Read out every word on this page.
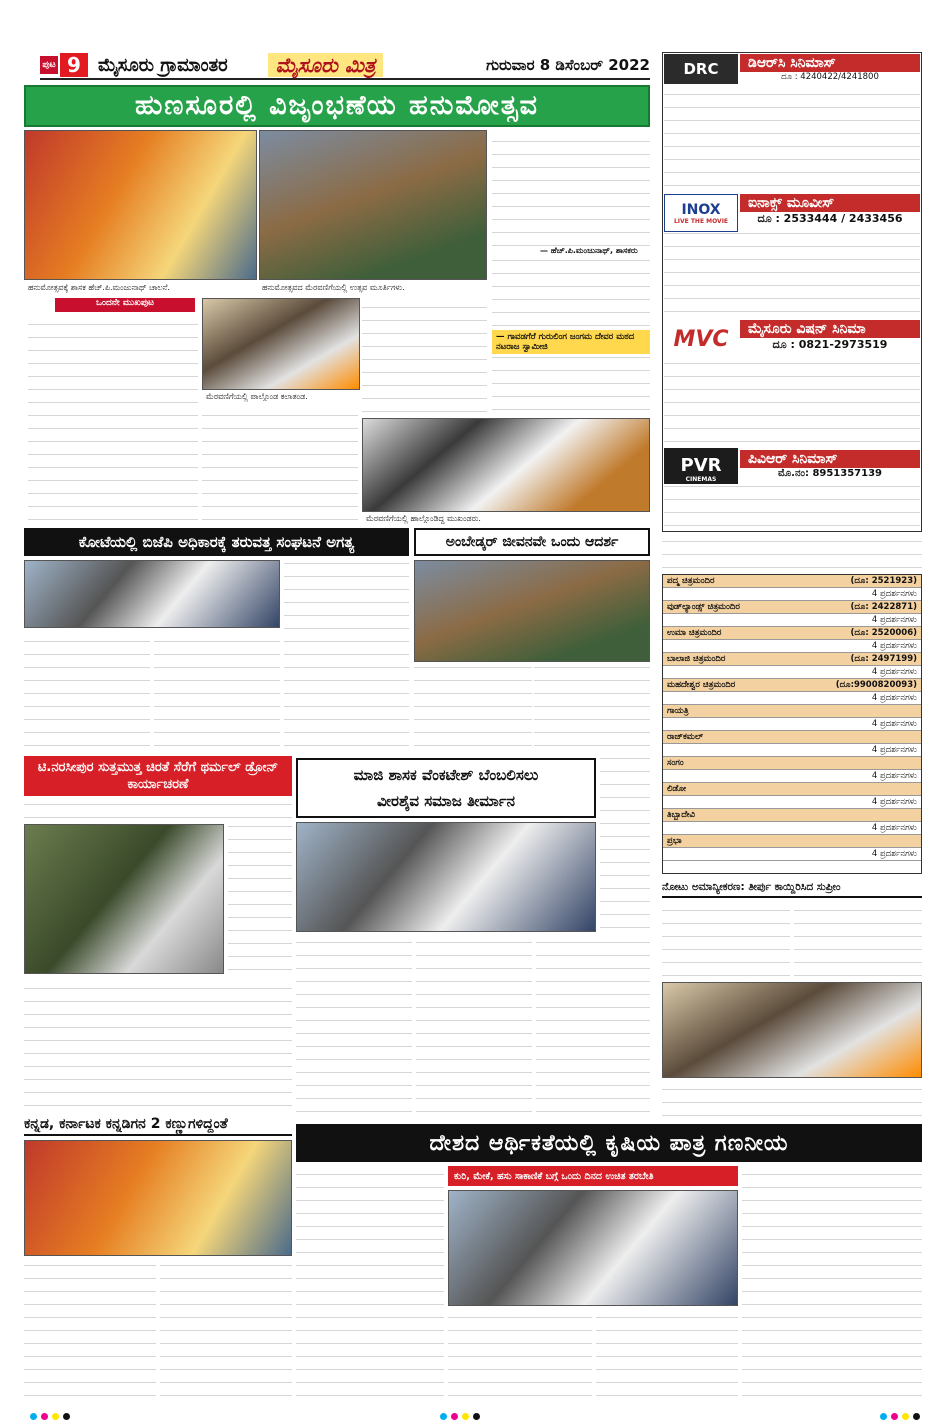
ಪುಟ 9 ಮೈಸೂರು ಗ್ರಾಮಾಂತರ	ಮೈಸೂರು ಮಿತ್ರ	ಗುರುವಾರ 8 ಡಿಸೆಂಬರ್ 2022
ಹುಣಸೂರಲ್ಲಿ ವಿಜೃಂಭಣೆಯ ಹನುಮೋತ್ಸವ
ಹನುಮೋತ್ಸವಕ್ಕೆ ಶಾಸಕ ಹೆಚ್.ಪಿ.ಮಂಜುನಾಥ್ ಚಾಲನೆ.	ಹನುಮೋತ್ಸವದ ಮೆರವಣಿಗೆಯಲ್ಲಿ ಉತ್ಸವ ಮೂರ್ತಿಗಳು.
— ಹೆಚ್.ಪಿ.ಮಂಜುನಾಥ್, ಶಾಸಕರು
— ಗಾವಡಗೆರೆ ಗುರುಲಿಂಗ ಜಂಗಮ ದೇವರ ಮಠದ ನಟರಾಜ ಸ್ವಾಮೀಜಿ
ಒಂದನೇ ಮುಖಪುಟ
ಮೆರವಣಿಗೆಯಲ್ಲಿ ಪಾಲ್ಗೊಂಡ ಕಲಾತಂಡ.
ಮೆರವಣಿಗೆಯಲ್ಲಿ ಹಾಲ್ಗೊಂಡಿದ್ದ ಮುಖಂಡರು.
ಕೋಟೆಯಲ್ಲಿ ಬಿಜೆಪಿ ಅಧಿಕಾರಕ್ಕೆ ತರುವತ್ತ ಸಂಘಟನೆ ಅಗತ್ಯ	ಅಂಬೇಡ್ಕರ್ ಜೀವನವೇ ಒಂದು ಆದರ್ಶ
ಟಿ.ನರಸೀಪುರ ಸುತ್ತಮುತ್ತ ಚಿರತೆ ಸೆರೆಗೆ ಥರ್ಮಲ್ ಡ್ರೋನ್ ಕಾರ್ಯಾಚರಣೆ
ಮಾಜಿ ಶಾಸಕ ವೆಂಕಟೇಶ್ ಬೆಂಬಲಿಸಲು
ವೀರಶೈವ ಸಮಾಜ ತೀರ್ಮಾನ
ಕನ್ನಡ, ಕರ್ನಾಟಕ ಕನ್ನಡಿಗನ 2 ಕಣ್ಣುಗಳಿದ್ದಂತೆ
DRC	ಡಿಆರ್‌ಸಿ ಸಿನಿಮಾಸ್
ದೂ : 4240422/4241800
INOX
LIVE THE MOVIE
ಐನಾಕ್ಸ್ ಮೂವೀಸ್
ದೂ : 2533444 / 2433456
MVC	ಮೈಸೂರು ವಿಷನ್ ಸಿನಿಮಾ
ದೂ : 0821-2973519
PVR
CINEMAS
ಪಿವಿಆರ್ ಸಿನಿಮಾಸ್
ಮೊ.ನಂ: 8951357139
ಪದ್ಮ ಚಿತ್ರಮಂದಿರ	(ದೂ: 2521923)
4 ಪ್ರದರ್ಶನಗಳು
ವುಡ್‌ಲ್ಯಾಂಡ್ಸ್ ಚಿತ್ರಮಂದಿರ	(ದೂ: 2422871)
4 ಪ್ರದರ್ಶನಗಳು
ಉಮಾ ಚಿತ್ರಮಂದಿರ	(ದೂ: 2520006)
4 ಪ್ರದರ್ಶನಗಳು
ಬಾಲಾಜಿ ಚಿತ್ರಮಂದಿರ	(ದೂ: 2497199)
4 ಪ್ರದರ್ಶನಗಳು
ಮಹದೇಶ್ವರ ಚಿತ್ರಮಂದಿರ	(ದೂ:9900820093)
4 ಪ್ರದರ್ಶನಗಳು
ಗಾಯತ್ರಿ
4 ಪ್ರದರ್ಶನಗಳು
ರಾಜ್‌ಕಮಲ್
4 ಪ್ರದರ್ಶನಗಳು
ಸಂಗಂ
4 ಪ್ರದರ್ಶನಗಳು
ಲಿಡೋ
4 ಪ್ರದರ್ಶನಗಳು
ತಿಬ್ಬಾದೇವಿ
4 ಪ್ರದರ್ಶನಗಳು
ಪ್ರಭಾ
4 ಪ್ರದರ್ಶನಗಳು
ನೋಟು ಅಮಾನ್ಯೀಕರಣ: ತೀರ್ಪು ಕಾಯ್ದಿರಿಸಿದ ಸುಪ್ರೀಂ
ದೇಶದ ಆರ್ಥಿಕತೆಯಲ್ಲಿ ಕೃಷಿಯ ಪಾತ್ರ ಗಣನೀಯ
ಕುರಿ, ಮೇಕೆ, ಹಸು ಸಾಕಾಣಿಕೆ ಬಗ್ಗೆ ಒಂದು ದಿನದ ಉಚಿತ ತರಬೇತಿ
